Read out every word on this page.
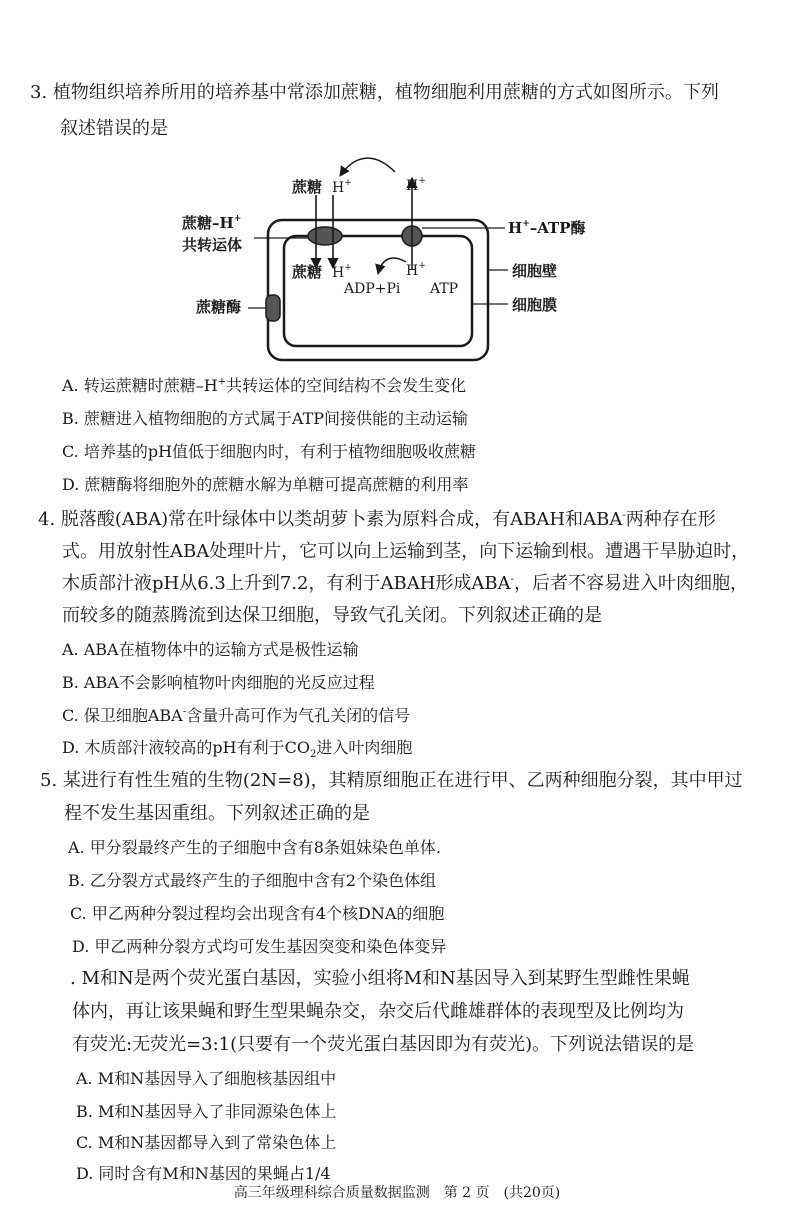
3. 植物组织培养所用的培养基中常添加蔗糖，植物细胞利用蔗糖的方式如图所示。下列
叙述错误的是
蔗糖 H+	H+
蔗糖 H+	H+
ADP+Pi ATP
蔗糖–H+
共转运体
蔗糖酶
H+–ATP酶
细胞壁
细胞膜
A. 转运蔗糖时蔗糖–H+共转运体的空间结构不会发生变化
B. 蔗糖进入植物细胞的方式属于ATP间接供能的主动运输
C. 培养基的pH值低于细胞内时，有利于植物细胞吸收蔗糖
D. 蔗糖酶将细胞外的蔗糖水解为单糖可提高蔗糖的利用率
4. 脱落酸(ABA)常在叶绿体中以类胡萝卜素为原料合成，有ABAH和ABA-两种存在形
式。用放射性ABA处理叶片，它可以向上运输到茎，向下运输到根。遭遇干旱胁迫时，
木质部汁液pH从6.3上升到7.2，有利于ABAH形成ABA-，后者不容易进入叶肉细胞，
而较多的随蒸腾流到达保卫细胞，导致气孔关闭。下列叙述正确的是
A. ABA在植物体中的运输方式是极性运输
B. ABA不会影响植物叶肉细胞的光反应过程
C. 保卫细胞ABA-含量升高可作为气孔关闭的信号
D. 木质部汁液较高的pH有利于$CO_2$进入叶肉细胞
5. 某进行有性生殖的生物(2N=8)，其精原细胞正在进行甲、乙两种细胞分裂，其中甲过
程不发生基因重组。下列叙述正确的是
A. 甲分裂最终产生的子细胞中含有8条姐妹染色单体.
B. 乙分裂方式最终产生的子细胞中含有2个染色体组
C. 甲乙两种分裂过程均会出现含有4个核DNA的细胞
D. 甲乙两种分裂方式均可发生基因突变和染色体变异
. M和N是两个荧光蛋白基因，实验小组将M和N基因导入到某野生型雌性果蝇
体内，再让该果蝇和野生型果蝇杂交，杂交后代雌雄群体的表现型及比例均为
有荧光:无荧光=3:1(只要有一个荧光蛋白基因即为有荧光)。下列说法错误的是
A. M和N基因导入了细胞核基因组中
B. M和N基因导入了非同源染色体上
C. M和N基因都导入到了常染色体上
D. 同时含有M和N基因的果蝇占1/4
高三年级理科综合质量数据监测　第 2 页　(共20页)
